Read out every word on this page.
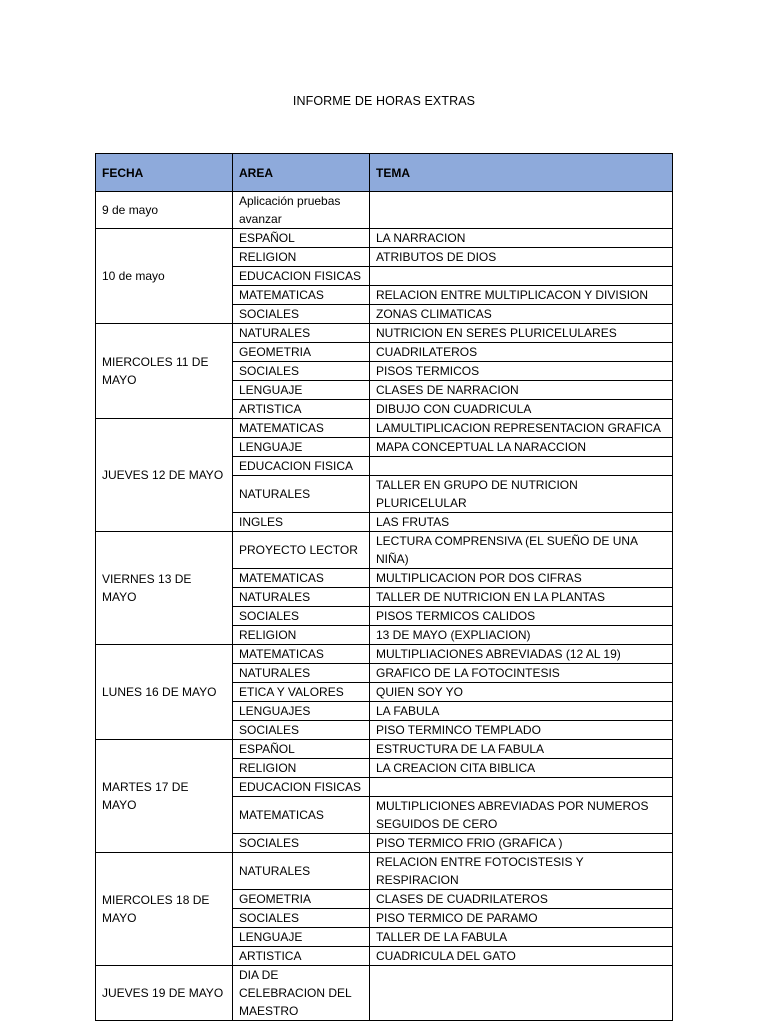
INFORME DE HORAS EXTRAS
FECHA	AREA	TEMA
9 de mayo	Aplicación pruebas avanzar	
10 de mayo	ESPAÑOL	LA NARRACION
	RELIGION	ATRIBUTOS DE DIOS
	EDUCACION FISICAS	
	MATEMATICAS	RELACION ENTRE MULTIPLICACON Y DIVISION
	SOCIALES	ZONAS CLIMATICAS
MIERCOLES 11 DE MAYO	NATURALES	NUTRICION EN SERES PLURICELULARES
	GEOMETRIA	CUADRILATEROS
	SOCIALES	PISOS TERMICOS
	LENGUAJE	CLASES DE NARRACION
	ARTISTICA	DIBUJO CON CUADRICULA
JUEVES 12 DE MAYO	MATEMATICAS	LAMULTIPLICACION REPRESENTACION GRAFICA
	LENGUAJE	MAPA CONCEPTUAL LA NARACCION
	EDUCACION FISICA	
	NATURALES	TALLER EN GRUPO DE NUTRICION PLURICELULAR
	INGLES	LAS FRUTAS
VIERNES 13 DE MAYO	PROYECTO LECTOR	LECTURA COMPRENSIVA (EL SUEÑO DE UNA NIÑA)
	MATEMATICAS	MULTIPLICACION POR DOS CIFRAS
	NATURALES	TALLER DE NUTRICION EN LA PLANTAS
	SOCIALES	PISOS TERMICOS CALIDOS
	RELIGION	13 DE MAYO (EXPLIACION)
LUNES 16 DE MAYO	MATEMATICAS	MULTIPLIACIONES ABREVIADAS (12 AL 19)
	NATURALES	GRAFICO DE LA FOTOCINTESIS
	ETICA Y VALORES	QUIEN SOY YO
	LENGUAJES	LA FABULA
	SOCIALES	PISO TERMINCO TEMPLADO
MARTES 17 DE MAYO	ESPAÑOL	ESTRUCTURA DE LA FABULA
	RELIGION	LA CREACION CITA BIBLICA
	EDUCACION FISICAS	
	MATEMATICAS	MULTIPLICIONES ABREVIADAS POR NUMEROS SEGUIDOS DE CERO
	SOCIALES	PISO TERMICO FRIO (GRAFICA )
MIERCOLES 18 DE MAYO	NATURALES	RELACION ENTRE FOTOCISTESIS Y RESPIRACION
	GEOMETRIA	CLASES DE CUADRILATEROS
	SOCIALES	PISO TERMICO DE PARAMO
	LENGUAJE	TALLER DE LA FABULA
	ARTISTICA	CUADRICULA DEL GATO
JUEVES 19 DE MAYO	DIA DE CELEBRACION DEL MAESTRO	
